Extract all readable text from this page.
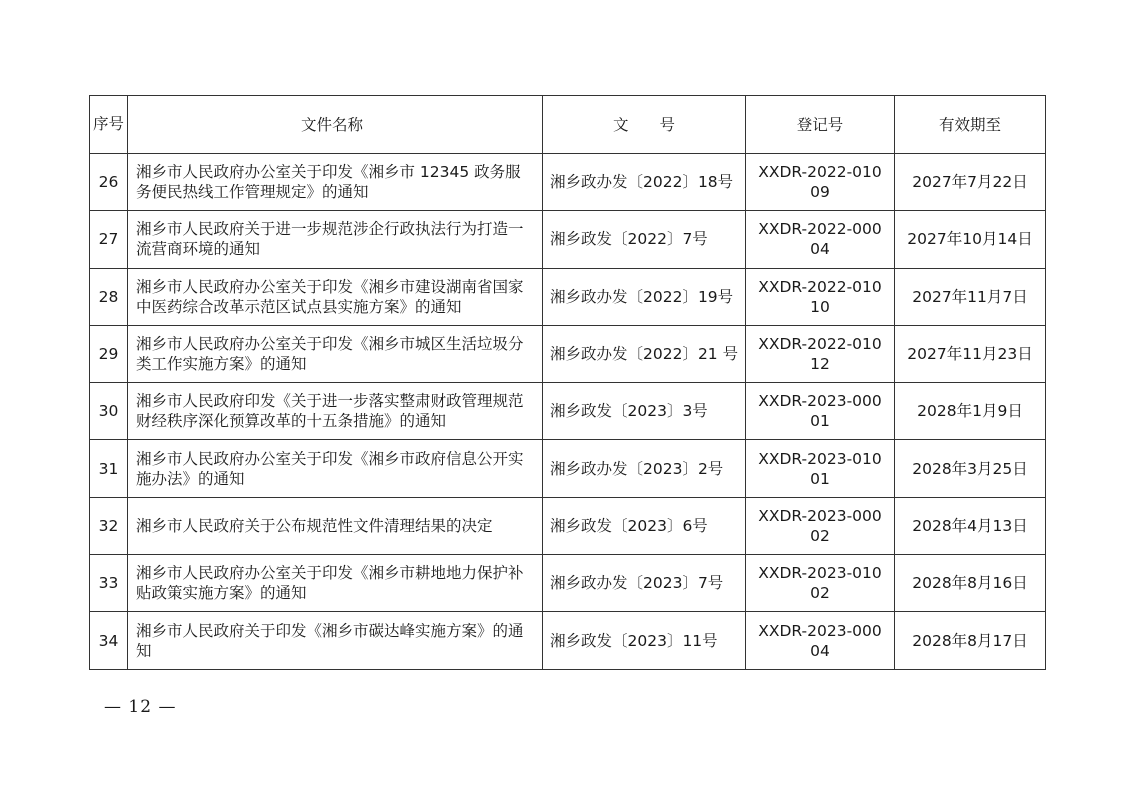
序号	文件名称	文　　号	登记号	有效期至
26	湘乡市人民政府办公室关于印发《湘乡市 12345 政务服务便民热线工作管理规定》的通知	湘乡政办发〔2022〕18号	XXDR-2022-01009	2027年7月22日
27	湘乡市人民政府关于进一步规范涉企行政执法行为打造一流营商环境的通知	湘乡政发〔2022〕7号	XXDR-2022-00004	2027年10月14日
28	湘乡市人民政府办公室关于印发《湘乡市建设湖南省国家中医药综合改革示范区试点县实施方案》的通知	湘乡政办发〔2022〕19号	XXDR-2022-01010	2027年11月7日
29	湘乡市人民政府办公室关于印发《湘乡市城区生活垃圾分类工作实施方案》的通知	湘乡政办发〔2022〕21 号	XXDR-2022-01012	2027年11月23日
30	湘乡市人民政府印发《关于进一步落实整肃财政管理规范财经秩序深化预算改革的十五条措施》的通知	湘乡政发〔2023〕3号	XXDR-2023-00001	2028年1月9日
31	湘乡市人民政府办公室关于印发《湘乡市政府信息公开实施办法》的通知	湘乡政办发〔2023〕2号	XXDR-2023-01001	2028年3月25日
32	湘乡市人民政府关于公布规范性文件清理结果的决定	湘乡政发〔2023〕6号	XXDR-2023-00002	2028年4月13日
33	湘乡市人民政府办公室关于印发《湘乡市耕地地力保护补贴政策实施方案》的通知	湘乡政办发〔2023〕7号	XXDR-2023-01002	2028年8月16日
34	湘乡市人民政府关于印发《湘乡市碳达峰实施方案》的通知	湘乡政发〔2023〕11号	XXDR-2023-00004	2028年8月17日
— 12 —
